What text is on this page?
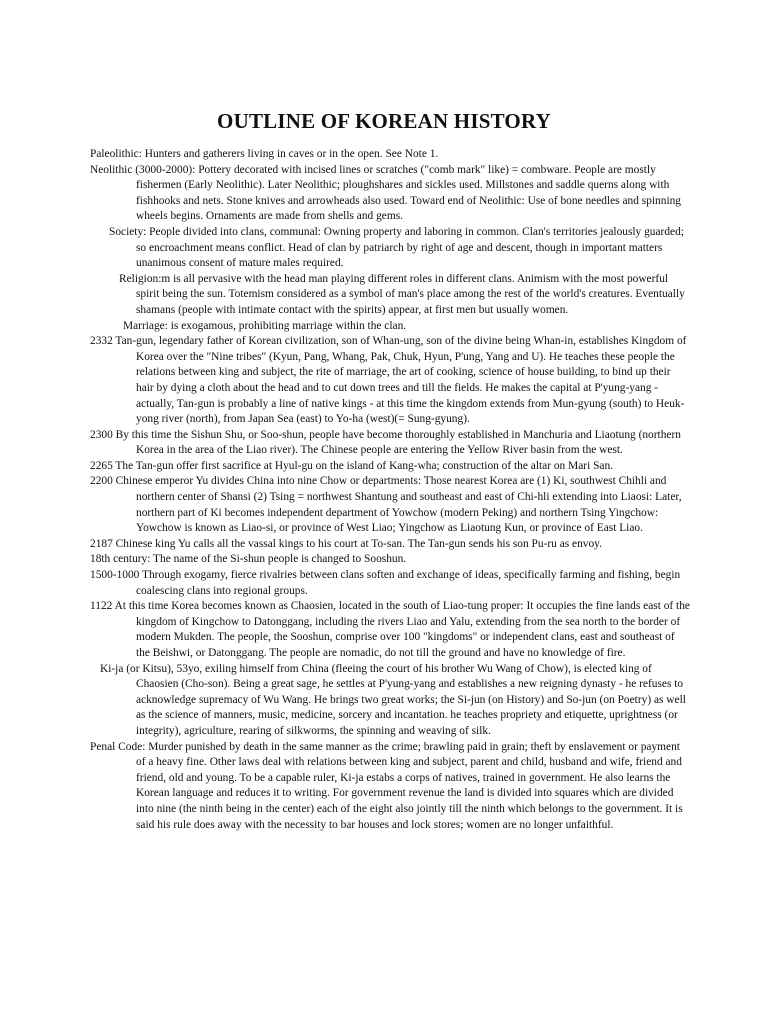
OUTLINE OF KOREAN HISTORY

Paleolithic: Hunters and gatherers living in caves or in the open. See Note 1.

Neolithic (3000-2000): Pottery decorated with incised lines or scratches ("comb mark" like) = combware. People are mostly fishermen (Early Neolithic). Later Neolithic; ploughshares and sickles used. Millstones and saddle querns along with fishhooks and nets. Stone knives and arrowheads also used. Toward end of Neolithic: Use of bone needles and spinning wheels begins. Ornaments are made from shells and gems.

Society: People divided into clans, communal: Owning property and laboring in common. Clan's territories jealously guarded; so encroachment means conflict. Head of clan by patriarch by right of age and descent, though in important matters unanimous consent of mature males required.

Religion:m is all pervasive with the head man playing different roles in different clans. Animism with the most powerful spirit being the sun. Totemism considered as a symbol of man's place among the rest of the world's creatures. Eventually shamans (people with intimate contact with the spirits) appear, at first men but usually women.

Marriage: is exogamous, prohibiting marriage within the clan.

2332 Tan-gun, legendary father of Korean civilization, son of Whan-ung, son of the divine being Whan-in, establishes Kingdom of Korea over the "Nine tribes" (Kyun, Pang, Whang, Pak, Chuk, Hyun, P'ung, Yang and U). He teaches these people the relations between king and subject, the rite of marriage, the art of cooking, science of house building, to bind up their hair by dying a cloth about the head and to cut down trees and till the fields. He makes the capital at P'yung-yang - actually, Tan-gun is probably a line of native kings - at this time the kingdom extends from Mun-gyung (south) to Heuk-yong river (north), from Japan Sea (east) to Yo-ha (west)(= Sung-gyung).

2300 By this time the Sishun Shu, or Soo-shun, people have become thoroughly established in Manchuria and Liaotung (northern Korea in the area of the Liao river). The Chinese people are entering the Yellow River basin from the west.

2265 The Tan-gun offer first sacrifice at Hyul-gu on the island of Kang-wha; construction of the altar on Mari San.

2200 Chinese emperor Yu divides China into nine Chow or departments: Those nearest Korea are (1) Ki, southwest Chihli and northern center of Shansi (2) Tsing = northwest Shantung and southeast and east of Chi-hli extending into Liaosi: Later, northern part of Ki becomes independent department of Yowchow (modern Peking) and northern Tsing Yingchow: Yowchow is known as Liao-si, or province of West Liao; Yingchow as Liaotung Kun, or province of East Liao.

2187 Chinese king Yu calls all the vassal kings to his court at To-san. The Tan-gun sends his son Pu-ru as envoy.

18th century: The name of the Si-shun people is changed to Sooshun.

1500-1000 Through exogamy, fierce rivalries between clans soften and exchange of ideas, specifically farming and fishing, begin coalescing clans into regional groups.

1122 At this time Korea becomes known as Chaosien, located in the south of Liao-tung proper: It occupies the fine lands east of the kingdom of Kingchow to Datonggang, including the rivers Liao and Yalu, extending from the sea north to the border of modern Mukden. The people, the Sooshun, comprise over 100 "kingdoms" or independent clans, east and southeast of the Beishwi, or Datonggang. The people are nomadic, do not till the ground and have no knowledge of fire.

Ki-ja (or Kitsu), 53yo, exiling himself from China (fleeing the court of his brother Wu Wang of Chow), is elected king of Chaosien (Cho-son). Being a great sage, he settles at P'yung-yang and establishes a new reigning dynasty - he refuses to acknowledge supremacy of Wu Wang. He brings two great works; the Si-jun (on History) and So-jun (on Poetry) as well as the science of manners, music, medicine, sorcery and incantation. he teaches propriety and etiquette, uprightness (or integrity), agriculture, rearing of silkworms, the spinning and weaving of silk.

Penal Code: Murder punished by death in the same manner as the crime; brawling paid in grain; theft by enslavement or payment of a heavy fine. Other laws deal with relations between king and subject, parent and child, husband and wife, friend and friend, old and young. To be a capable ruler, Ki-ja estabs a corps of natives, trained in government. He also learns the Korean language and reduces it to writing. For government revenue the land is divided into squares which are divided into nine (the ninth being in the center) each of the eight also jointly till the ninth which belongs to the government. It is said his rule does away with the necessity to bar houses and lock stores; women are no longer unfaithful.
